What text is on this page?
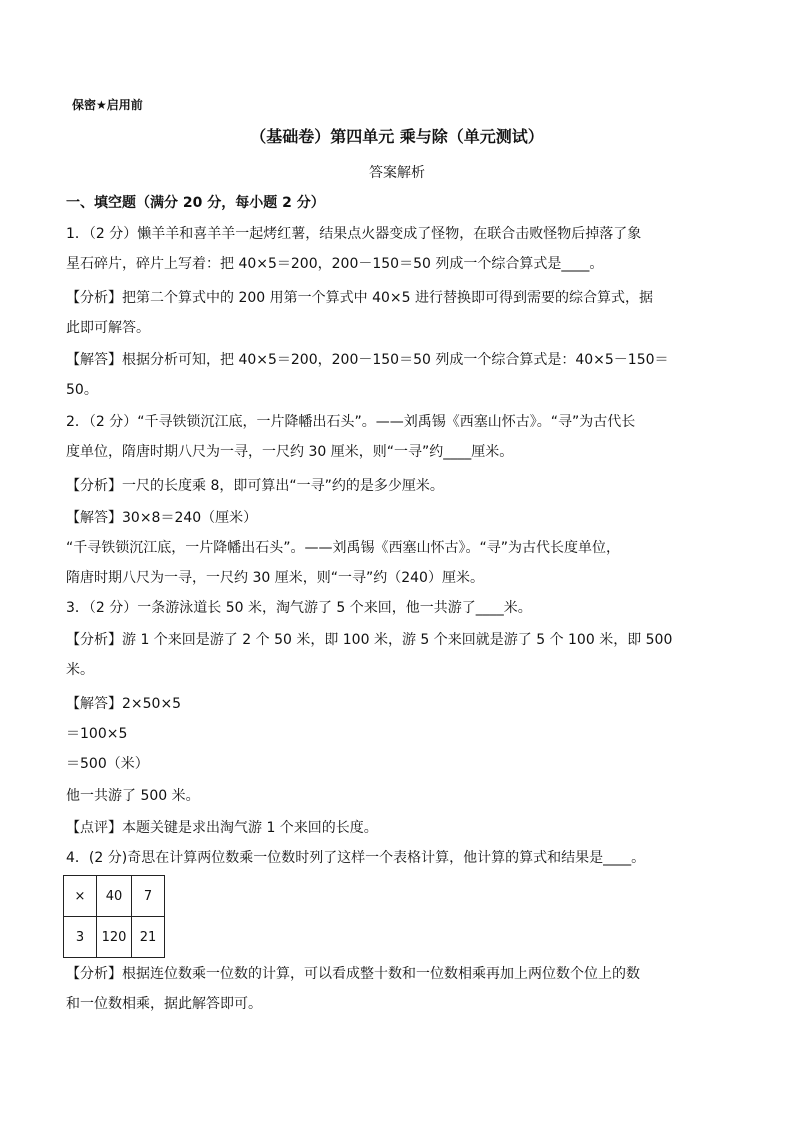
保密★启用前
（基础卷）第四单元 乘与除（单元测试）
答案解析
一、填空题（满分 20 分，每小题 2 分）
1．（2 分）懒羊羊和喜羊羊一起烤红薯，结果点火器变成了怪物，在联合击败怪物后掉落了象
星石碎片，碎片上写着：把 40×5＝200，200－150＝50 列成一个综合算式是____。
【分析】把第二个算式中的 200 用第一个算式中 40×5 进行替换即可得到需要的综合算式，据
此即可解答。
【解答】根据分析可知，把 40×5＝200，200－150＝50 列成一个综合算式是：40×5－150＝
50。
2．（2 分）“千寻铁锁沉江底，一片降幡出石头”。——刘禹锡《西塞山怀古》。“寻”为古代长
度单位，隋唐时期八尺为一寻，一尺约 30 厘米，则“一寻”约____厘米。
【分析】一尺的长度乘 8，即可算出“一寻”约的是多少厘米。
【解答】30×8＝240（厘米）
“千寻铁锁沉江底，一片降幡出石头”。——刘禹锡《西塞山怀古》。“寻”为古代长度单位，
隋唐时期八尺为一寻，一尺约 30 厘米，则“一寻”约（240）厘米。
3．（2 分）一条游泳道长 50 米，淘气游了 5 个来回，他一共游了____米。
【分析】游 1 个来回是游了 2 个 50 米，即 100 米，游 5 个来回就是游了 5 个 100 米，即 500
米。
【解答】2×50×5
＝100×5
＝500（米）
他一共游了 500 米。
【点评】本题关键是求出淘气游 1 个来回的长度。
4．(2 分)奇思在计算两位数乘一位数时列了这样一个表格计算，他计算的算式和结果是____。
×	40	7
3	120	21
【分析】根据连位数乘一位数的计算，可以看成整十数和一位数相乘再加上两位数个位上的数
和一位数相乘，据此解答即可。
